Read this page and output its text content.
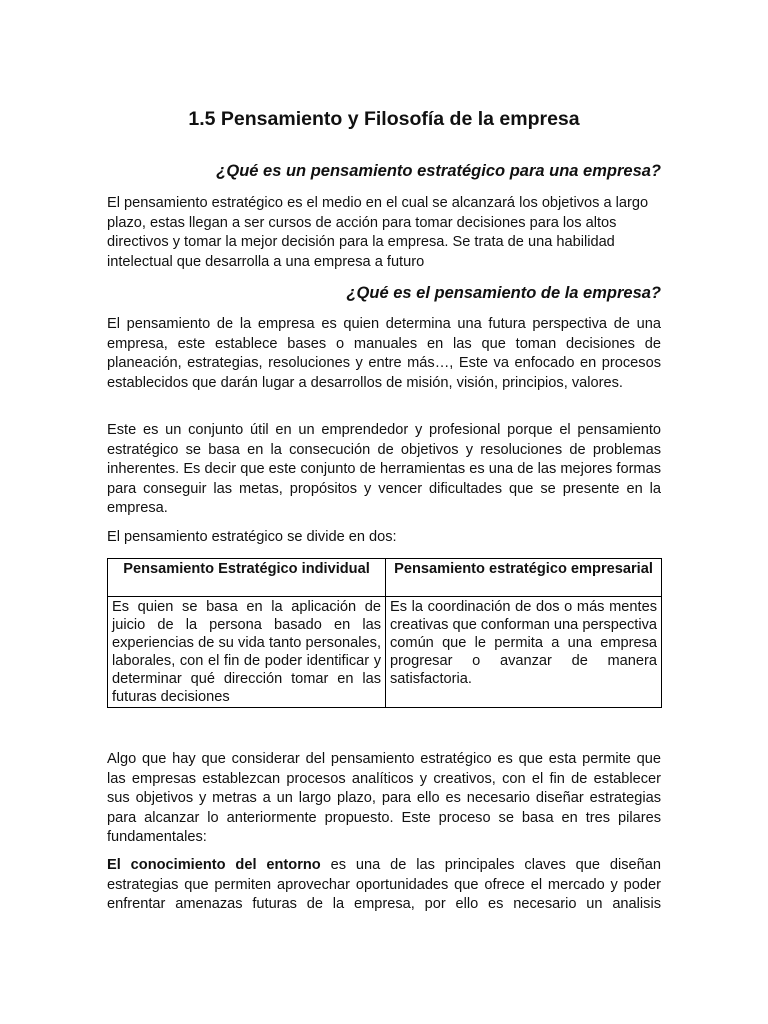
1.5 Pensamiento y Filosofía de la empresa
¿Qué es un pensamiento estratégico para una empresa?

El pensamiento estratégico es el medio en el cual se alcanzará los objetivos a largo plazo, estas llegan a ser cursos de acción para tomar decisiones para los altos directivos y tomar la mejor decisión para la empresa. Se trata de una habilidad intelectual que desarrolla a una empresa a futuro

¿Qué es el pensamiento de la empresa?

El pensamiento de la empresa es quien determina una futura perspectiva de una empresa, este establece bases o manuales en las que toman decisiones de planeación, estrategias, resoluciones y entre más…, Este va enfocado en procesos establecidos que darán lugar a desarrollos de misión, visión, principios, valores.

Este es un conjunto útil en un emprendedor y profesional porque el pensamiento estratégico se basa en la consecución de objetivos y resoluciones de problemas inherentes. Es decir que este conjunto de herramientas es una de las mejores formas para conseguir las metas, propósitos y vencer dificultades que se presente en la empresa.

El pensamiento estratégico se divide en dos:

Pensamiento Estratégico individual	Pensamiento estratégico empresarial
Es quien se basa en la aplicación de juicio de la persona basado en las experiencias de su vida tanto personales, laborales, con el fin de poder identificar y determinar qué dirección tomar en las futuras decisiones	Es la coordinación de dos o más mentes creativas que conforman una perspectiva común que le permita a una empresa progresar o avanzar de manera satisfactoria.

Algo que hay que considerar del pensamiento estratégico es que esta permite que las empresas establezcan procesos analíticos y creativos, con el fin de establecer sus objetivos y metras a un largo plazo, para ello es necesario diseñar estrategias para alcanzar lo anteriormente propuesto. Este proceso se basa en tres pilares fundamentales:

El conocimiento del entorno es una de las principales claves que diseñan estrategias que permiten aprovechar oportunidades que ofrece el mercado y poder enfrentar amenazas futuras de la empresa, por ello es necesario un analisis
